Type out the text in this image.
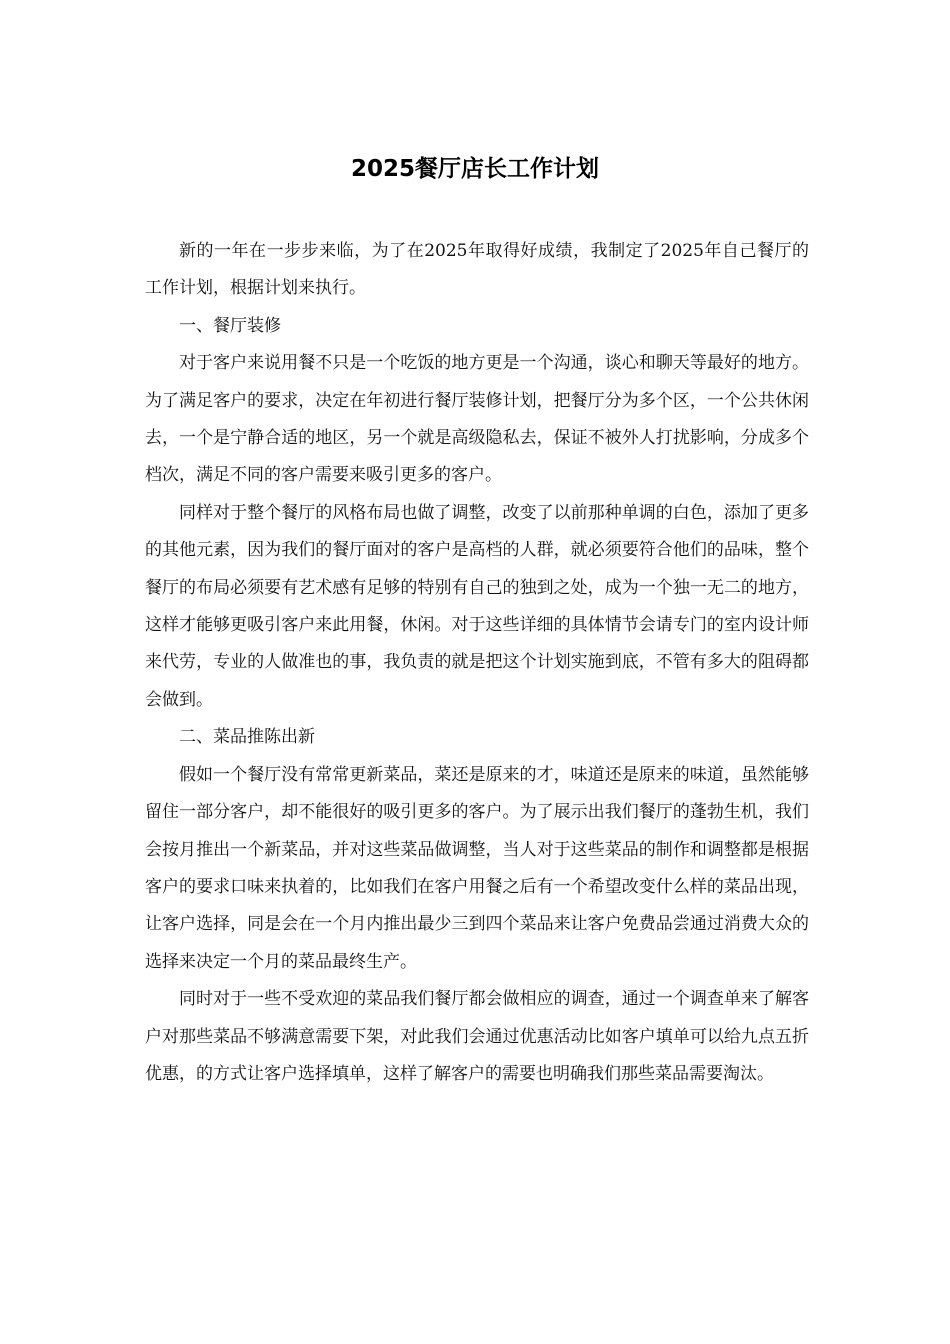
2025餐厅店长工作计划

新的一年在一步步来临，为了在2025年取得好成绩，我制定了2025年自己餐厅的工作计划，根据计划来执行。

一、餐厅装修

对于客户来说用餐不只是一个吃饭的地方更是一个沟通，谈心和聊天等最好的地方。为了满足客户的要求，决定在年初进行餐厅装修计划，把餐厅分为多个区，一个公共休闲去，一个是宁静合适的地区，另一个就是高级隐私去，保证不被外人打扰影响，分成多个档次，满足不同的客户需要来吸引更多的客户。

同样对于整个餐厅的风格布局也做了调整，改变了以前那种单调的白色，添加了更多的其他元素，因为我们的餐厅面对的客户是高档的人群，就必须要符合他们的品味，整个餐厅的布局必须要有艺术感有足够的特别有自己的独到之处，成为一个独一无二的地方，这样才能够更吸引客户来此用餐，休闲。对于这些详细的具体情节会请专门的室内设计师来代劳，专业的人做准也的事，我负责的就是把这个计划实施到底，不管有多大的阻碍都会做到。

二、菜品推陈出新

假如一个餐厅没有常常更新菜品，菜还是原来的才，味道还是原来的味道，虽然能够留住一部分客户，却不能很好的吸引更多的客户。为了展示出我们餐厅的蓬勃生机，我们会按月推出一个新菜品，并对这些菜品做调整，当人对于这些菜品的制作和调整都是根据客户的要求口味来执着的，比如我们在客户用餐之后有一个希望改变什么样的菜品出现，让客户选择，同是会在一个月内推出最少三到四个菜品来让客户免费品尝通过消费大众的选择来决定一个月的菜品最终生产。

同时对于一些不受欢迎的菜品我们餐厅都会做相应的调查，通过一个调查单来了解客户对那些菜品不够满意需要下架，对此我们会通过优惠活动比如客户填单可以给九点五折优惠，的方式让客户选择填单，这样了解客户的需要也明确我们那些菜品需要淘汰。
